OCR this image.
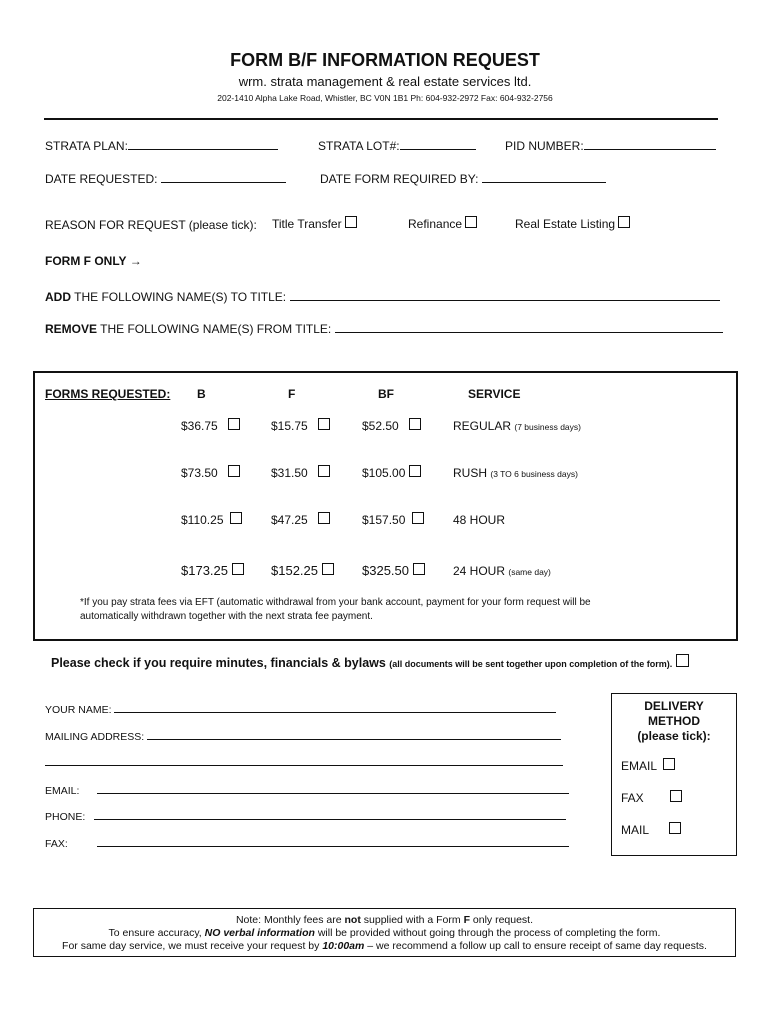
FORM B/F INFORMATION REQUEST
wrm. strata management & real estate services ltd.
202-1410 Alpha Lake Road, Whistler, BC V0N 1B1 Ph: 604-932-2972 Fax: 604-932-2756
STRATA PLAN:	STRATA LOT#:	PID NUMBER:
DATE REQUESTED:	DATE FORM REQUIRED BY:
REASON FOR REQUEST (please tick): Title Transfer	Refinance	Real Estate Listing
FORM F ONLY →
ADD THE FOLLOWING NAME(S) TO TITLE:
REMOVE THE FOLLOWING NAME(S) FROM TITLE:
FORMS REQUESTED: B	F	BF	SERVICE
$36.75	$15.75	$52.50	REGULAR (7 business days)
$73.50	$31.50	$105.00	RUSH (3 TO 6 business days)
$110.25	$47.25	$157.50	48 HOUR
$173.25	$152.25	$325.50	24 HOUR (same day)
*If you pay strata fees via EFT (automatic withdrawal from your bank account, payment for your form request will be
automatically withdrawn together with the next strata fee payment.
Please check if you require minutes, financials & bylaws (all documents will be sent together upon completion of the form).
YOUR NAME:
MAILING ADDRESS:
EMAIL:
PHONE:
FAX:
DELIVERY
METHOD
(please tick):
EMAIL
FAX
MAIL
Note: Monthly fees are not supplied with a Form F only request.
To ensure accuracy, NO verbal information will be provided without going through the process of completing the form.
For same day service, we must receive your request by 10:00am – we recommend a follow up call to ensure receipt of same day requests.
